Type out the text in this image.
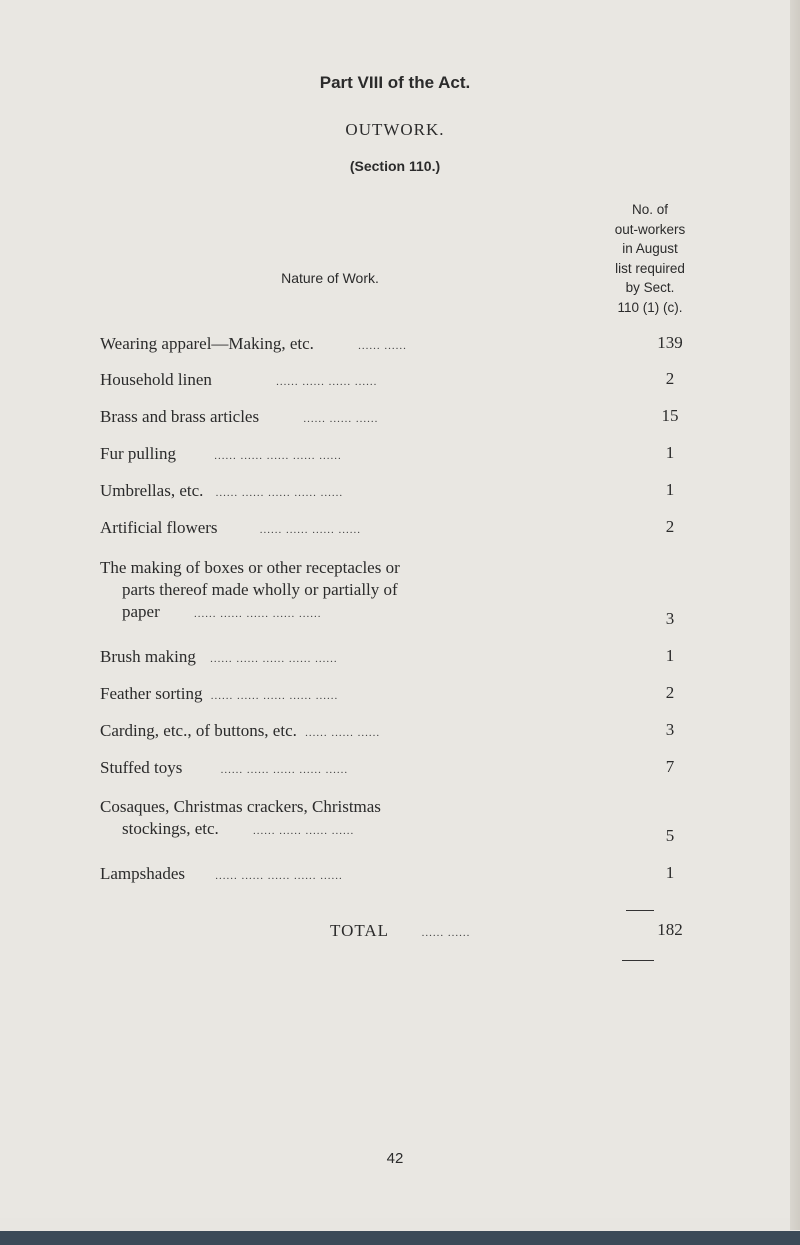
Part VIII of the Act.
OUTWORK.
(Section 110.)
Nature of Work.
No. of
out-workers
in August
list required
by Sect.
110 (1) (c).
Wearing apparel—Making, etc.	...... ......	139
Household linen	...... ...... ...... ......	2
Brass and brass articles	...... ...... ......	15
Fur pulling	...... ...... ...... ...... ......	1
Umbrellas, etc. ...... ...... ...... ...... ......	1
Artificial flowers	...... ...... ...... ......	2
The making of boxes or other receptacles or
parts thereof made wholly or partially of
paper	...... ...... ...... ...... ......	3
Brush making ...... ...... ...... ...... ......	1
Feather sorting ...... ...... ...... ...... ......	2
Carding, etc., of buttons, etc. ...... ...... ......	3
Stuffed toys	...... ...... ...... ...... ......	7
Cosaques, Christmas crackers, Christmas
stockings, etc.	...... ...... ...... ......	5
Lampshades	...... ...... ...... ...... ......	1
TOTAL	...... ......	182
42
